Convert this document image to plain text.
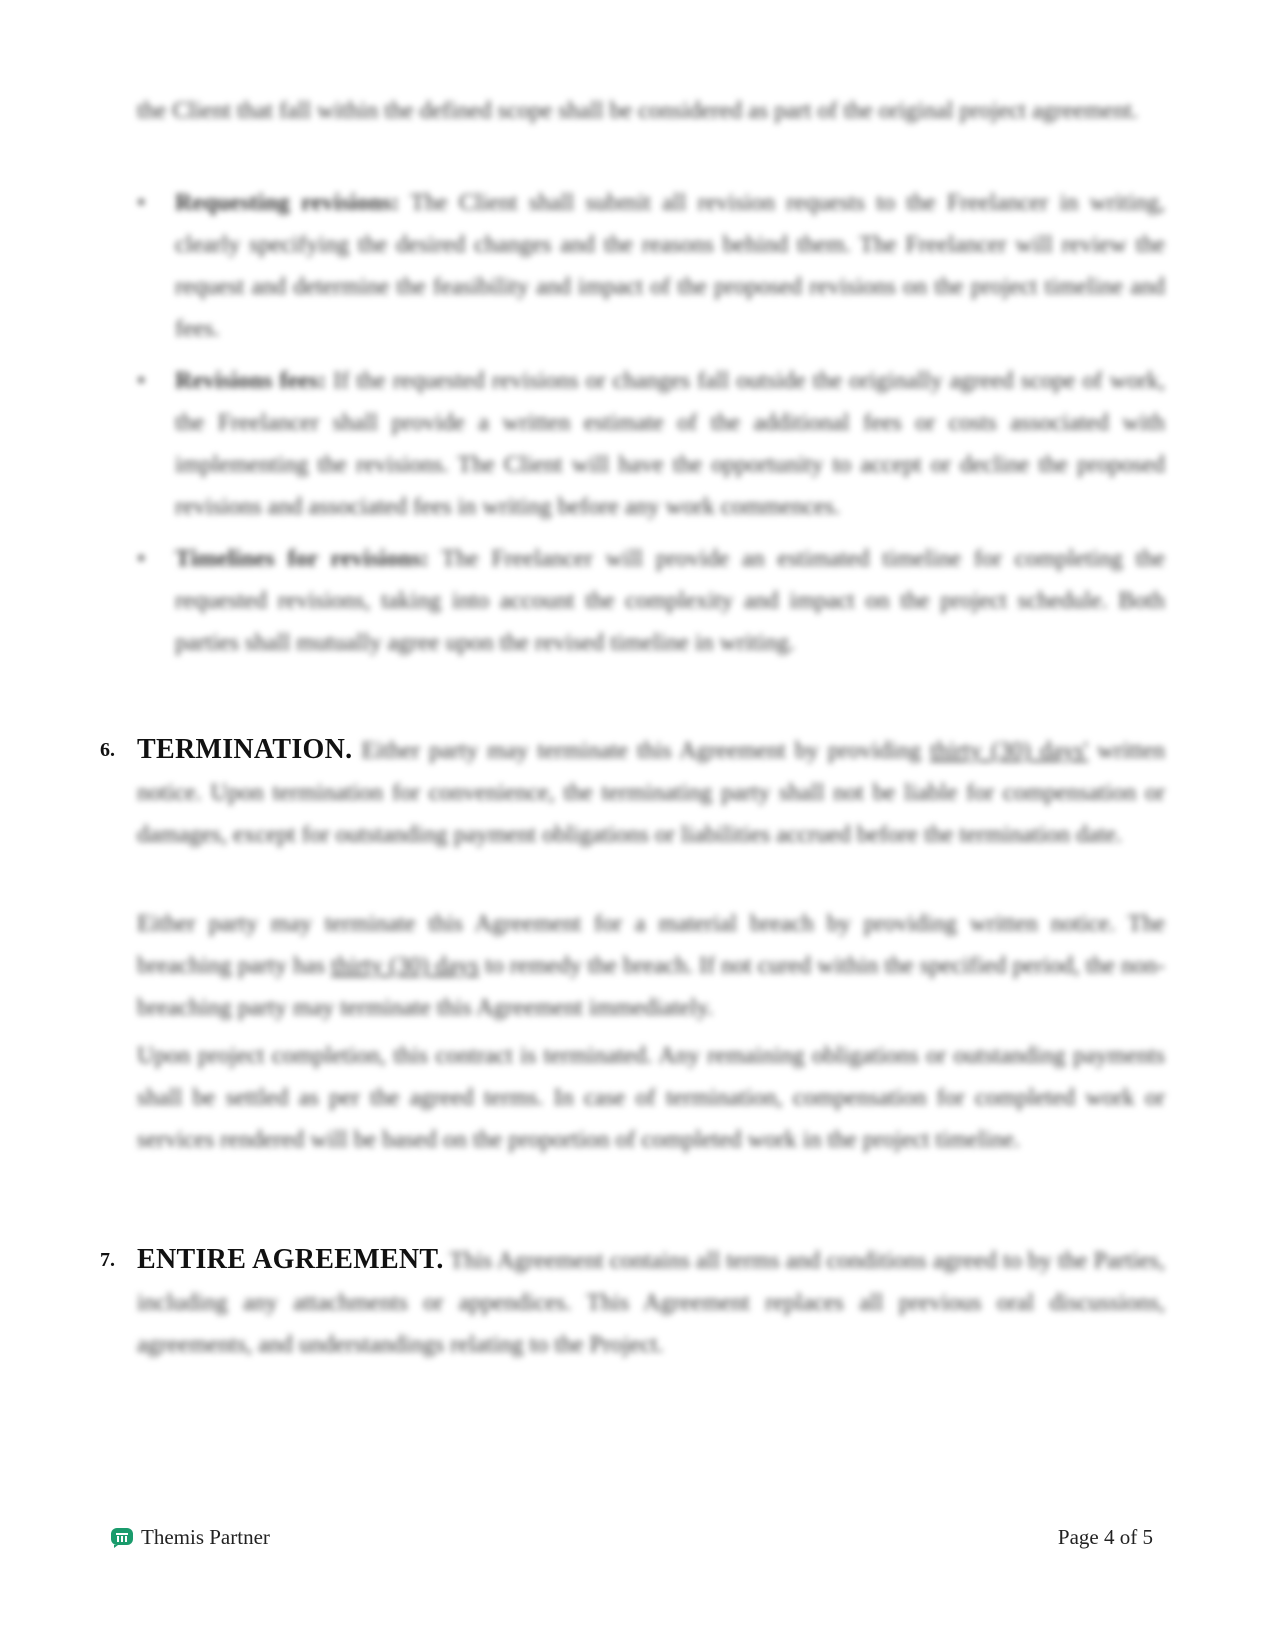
the Client that fall within the defined scope shall be considered as part of the original project agreement.

•	Requesting revisions: The Client shall submit all revision requests to the Freelancer in writing, clearly specifying the desired changes and the reasons behind them. The Freelancer will review the request and determine the feasibility and impact of the proposed revisions on the project timeline and fees.
•	Revisions fees: If the requested revisions or changes fall outside the originally agreed scope of work, the Freelancer shall provide a written estimate of the additional fees or costs associated with implementing the revisions. The Client will have the opportunity to accept or decline the proposed revisions and associated fees in writing before any work commences.
•	Timelines for revisions: The Freelancer will provide an estimated timeline for completing the requested revisions, taking into account the complexity and impact on the project schedule. Both parties shall mutually agree upon the revised timeline in writing.
6. TERMINATION. Either party may terminate this Agreement by providing thirty (30) days' written notice. Upon termination for convenience, the terminating party shall not be liable for compensation or damages, except for outstanding payment obligations or liabilities accrued before the termination date.

Either party may terminate this Agreement for a material breach by providing written notice. The breaching party has thirty (30) days to remedy the breach. If not cured within the specified period, the non-breaching party may terminate this Agreement immediately.

Upon project completion, this contract is terminated. Any remaining obligations or outstanding payments shall be settled as per the agreed terms. In case of termination, compensation for completed work or services rendered will be based on the proportion of completed work in the project timeline.

7. ENTIRE AGREEMENT. This Agreement contains all terms and conditions agreed to by the Parties, including any attachments or appendices. This Agreement replaces all previous oral discussions, agreements, and understandings relating to the Project.
Themis Partner	Page 4 of 5
